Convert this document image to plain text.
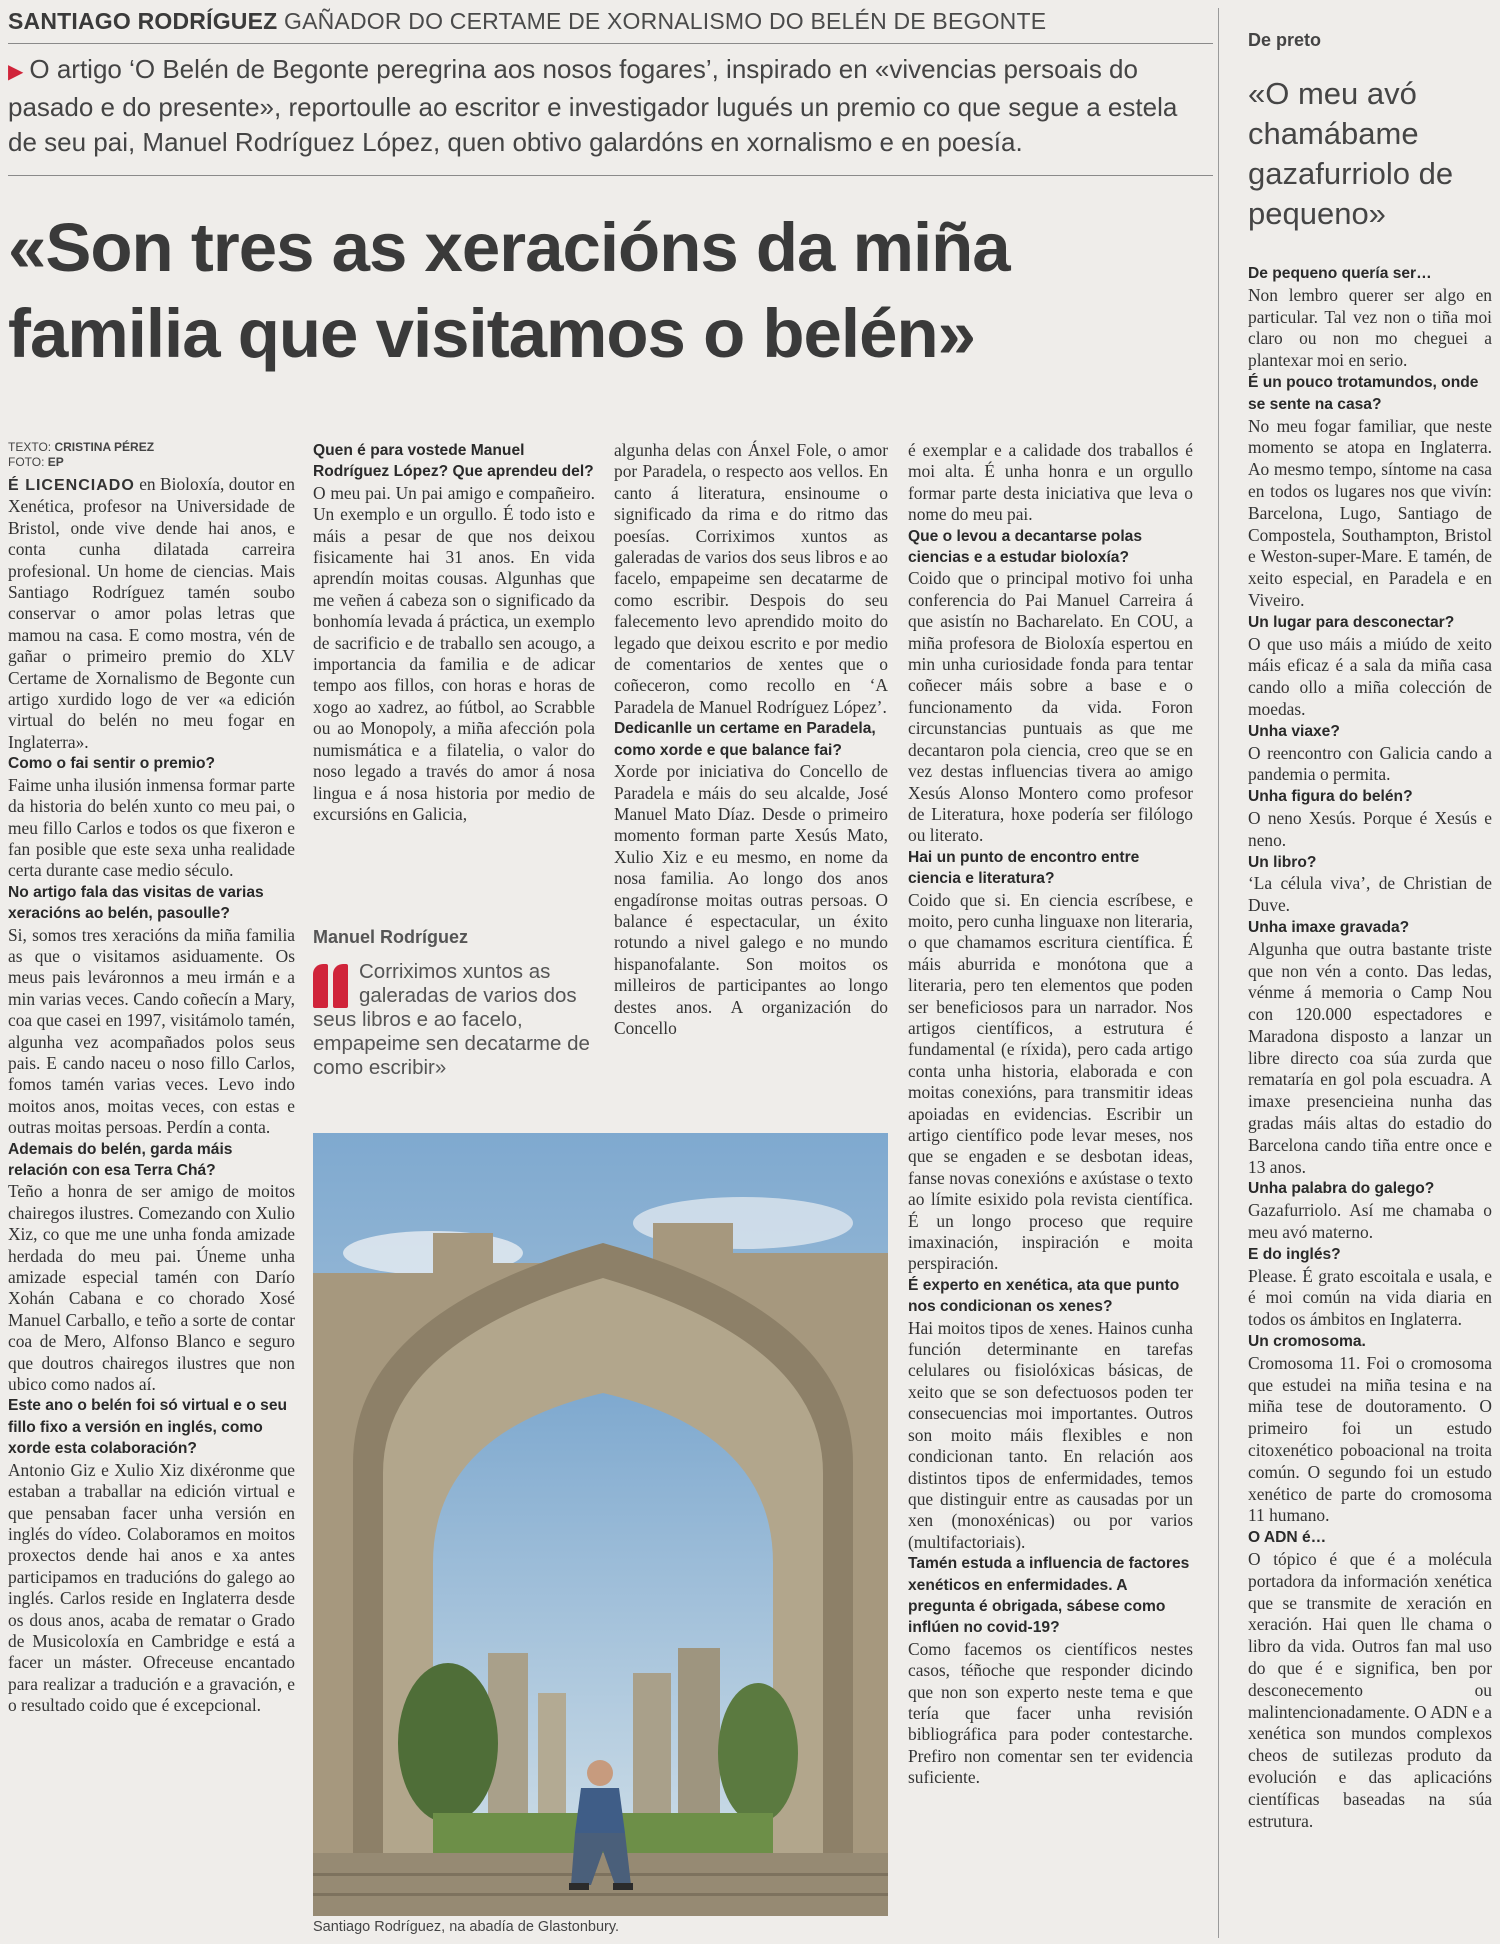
SANTIAGO RODRÍGUEZ GAÑADOR DO CERTAME DE XORNALISMO DO BELÉN DE BEGONTE
▶ O artigo ‘O Belén de Begonte peregrina aos nosos fogares’, inspirado en «vivencias persoais do pasado e do presente», reportoulle ao escritor e investigador lugués un premio co que segue a estela de seu pai, Manuel Rodríguez López, quen obtivo galardóns en xornalismo e en poesía.
«Son tres as xeracións da miña familia que visitamos o belén»
TEXTO: CRISTINA PÉREZ
FOTO: EP

É LICENCIADO en Bioloxía, doutor en Xenética, profesor na Universidade de Bristol, onde vive dende hai anos, e conta cunha dilatada carreira profesional. Un home de ciencias. Mais Santiago Rodríguez tamén soubo conservar o amor polas letras que mamou na casa. E como mostra, vén de gañar o primeiro premio do XLV Certame de Xornalismo de Begonte cun artigo xurdido logo de ver «a edición virtual do belén no meu fogar en Inglaterra».

Como o fai sentir o premio?

Faime unha ilusión inmensa formar parte da historia do belén xunto co meu pai, o meu fillo Carlos e todos os que fixeron e fan posible que este sexa unha realidade certa durante case medio século.

No artigo fala das visitas de varias xeracións ao belén, pasoulle?

Si, somos tres xeracións da miña familia as que o visitamos asiduamente. Os meus pais leváronnos a meu irmán e a min varias veces. Cando coñecín a Mary, coa que casei en 1997, visitámolo tamén, algunha vez acompañados polos seus pais. E cando naceu o noso fillo Carlos, fomos tamén varias veces. Levo indo moitos anos, moitas veces, con estas e outras moitas persoas. Perdín a conta.

Ademais do belén, garda máis relación con esa Terra Chá?

Teño a honra de ser amigo de moitos chairegos ilustres. Comezando con Xulio Xiz, co que me une unha fonda amizade herdada do meu pai. Úneme unha amizade especial tamén con Darío Xohán Cabana e co chorado Xosé Manuel Carballo, e teño a sorte de contar coa de Mero, Alfonso Blanco e seguro que doutros chairegos ilustres que non ubico como nados aí.

Este ano o belén foi só virtual e o seu fillo fixo a versión en inglés, como xorde esta colaboración?

Antonio Giz e Xulio Xiz dixéronme que estaban a traballar na edición virtual e que pensaban facer unha versión en inglés do vídeo. Colaboramos en moitos proxectos dende hai anos e xa antes participamos en traducións do galego ao inglés. Carlos reside en Inglaterra desde os dous anos, acaba de rematar o Grado de Musicoloxía en Cambridge e está a facer un máster. Ofreceuse encantado para realizar a tradución e a gravación, e o resultado coido que é excepcional.

Quen é para vostede Manuel Rodríguez López? Que aprendeu del?

O meu pai. Un pai amigo e compañeiro. Un exemplo e un orgullo. É todo isto e máis a pesar de que nos deixou fisicamente hai 31 anos. En vida aprendín moitas cousas. Algunhas que me veñen á cabeza son o significado da bonhomía levada á práctica, un exemplo de sacrificio e de traballo sen acougo, a importancia da familia e de adicar tempo aos fillos, con horas e horas de xogo ao xadrez, ao fútbol, ao Scrabble ou ao Monopoly, a miña afección pola numismática e a filatelia, o valor do noso legado a través do amor á nosa lingua e á nosa historia por medio de excursións en Galicia,

Manuel Rodríguez
Corriximos xuntos as galeradas de varios dos seus libros e ao facelo, empapeime sen decatarme de como escribir»

algunha delas con Ánxel Fole, o amor por Paradela, o respecto aos vellos. En canto á literatura, ensinoume o significado da rima e do ritmo das poesías. Corriximos xuntos as galeradas de varios dos seus libros e ao facelo, empapeime sen decatarme de como escribir. Despois do seu falecemento levo aprendido moito do legado que deixou escrito e por medio de comentarios de xentes que o coñeceron, como recollo en ‘A Paradela de Manuel Rodríguez López’.

Dedicanlle un certame en Paradela, como xorde e que balance fai?

Xorde por iniciativa do Concello de Paradela e máis do seu alcalde, José Manuel Mato Díaz. Desde o primeiro momento forman parte Xesús Mato, Xulio Xiz e eu mesmo, en nome da nosa familia. Ao longo dos anos engadíronse moitas outras persoas. O balance é espectacular, un éxito rotundo a nivel galego e no mundo hispanofalante. Son moitos os milleiros de participantes ao longo destes anos. A organización do Concello

Santiago Rodríguez, na abadía de Glastonbury.

é exemplar e a calidade dos traballos é moi alta. É unha honra e un orgullo formar parte desta iniciativa que leva o nome do meu pai.

Que o levou a decantarse polas ciencias e a estudar bioloxía?

Coido que o principal motivo foi unha conferencia do Pai Manuel Carreira á que asistín no Bacharelato. En COU, a miña profesora de Bioloxía espertou en min unha curiosidade fonda para tentar coñecer máis sobre a base e o funcionamento da vida. Foron circunstancias puntuais as que me decantaron pola ciencia, creo que se en vez destas influencias tivera ao amigo Xesús Alonso Montero como profesor de Literatura, hoxe podería ser filólogo ou literato.

Hai un punto de encontro entre ciencia e literatura?

Coido que si. En ciencia escríbese, e moito, pero cunha linguaxe non literaria, o que chamamos escritura científica. É máis aburrida e monótona que a literaria, pero ten elementos que poden ser beneficiosos para un narrador. Nos artigos científicos, a estrutura é fundamental (e ríxida), pero cada artigo conta unha historia, elaborada e con moitas conexións, para transmitir ideas apoiadas en evidencias. Escribir un artigo científico pode levar meses, nos que se engaden e se desbotan ideas, fanse novas conexións e axústase o texto ao límite esixido pola revista científica. É un longo proceso que require imaxinación, inspiración e moita perspiración.

É experto en xenética, ata que punto nos condicionan os xenes?

Hai moitos tipos de xenes. Hainos cunha función determinante en tarefas celulares ou fisiolóxicas básicas, de xeito que se son defectuosos poden ter consecuencias moi importantes. Outros son moito máis flexibles e non condicionan tanto. En relación aos distintos tipos de enfermidades, temos que distinguir entre as causadas por un xen (monoxénicas) ou por varios (multifactoriais).

Tamén estuda a influencia de factores xenéticos en enfermidades. A pregunta é obrigada, sábese como inflúen no covid-19?

Como facemos os científicos nestes casos, téñoche que responder dicindo que non son experto neste tema e que tería que facer unha revisión bibliográfica para poder contestarche. Prefiro non comentar sen ter evidencia suficiente.

De preto
«O meu avó chamábame gazafurriolo de pequeno»

De pequeno quería ser…

Non lembro querer ser algo en particular. Tal vez non o tiña moi claro ou non mo cheguei a plantexar moi en serio.

É un pouco trotamundos, onde se sente na casa?

No meu fogar familiar, que neste momento se atopa en Inglaterra. Ao mesmo tempo, síntome na casa en todos os lugares nos que vivín: Barcelona, Lugo, Santiago de Compostela, Southampton, Bristol e Weston-super-Mare. E tamén, de xeito especial, en Paradela e en Viveiro.

Un lugar para desconectar?

O que uso máis a miúdo de xeito máis eficaz é a sala da miña casa cando ollo a miña colección de moedas.

Unha viaxe?

O reencontro con Galicia cando a pandemia o permita.

Unha figura do belén?

O neno Xesús. Porque é Xesús e neno.

Un libro?

‘La célula viva’, de Christian de Duve.

Unha imaxe gravada?

Algunha que outra bastante triste que non vén a conto. Das ledas, vénme á memoria o Camp Nou con 120.000 espectadores e Maradona disposto a lanzar un libre directo coa súa zurda que remataría en gol pola escuadra. A imaxe presencieina nunha das gradas máis altas do estadio do Barcelona cando tiña entre once e 13 anos.

Unha palabra do galego?

Gazafurriolo. Así me chamaba o meu avó materno.

E do inglés?

Please. É grato escoitala e usala, e é moi común na vida diaria en todos os ámbitos en Inglaterra.

Un cromosoma.

Cromosoma 11. Foi o cromosoma que estudei na miña tesina e na miña tese de doutoramento. O primeiro foi un estudo citoxenético poboacional na troita común. O segundo foi un estudo xenético de parte do cromosoma 11 humano.

O ADN é…

O tópico é que é a molécula portadora da información xenética que se transmite de xeración en xeración. Hai quen lle chama o libro da vida. Outros fan mal uso do que é e significa, ben por desconecemento ou malintencionadamente. O ADN e a xenética son mundos complexos cheos de sutilezas produto da evolución e das aplicacións científicas baseadas na súa estrutura.
